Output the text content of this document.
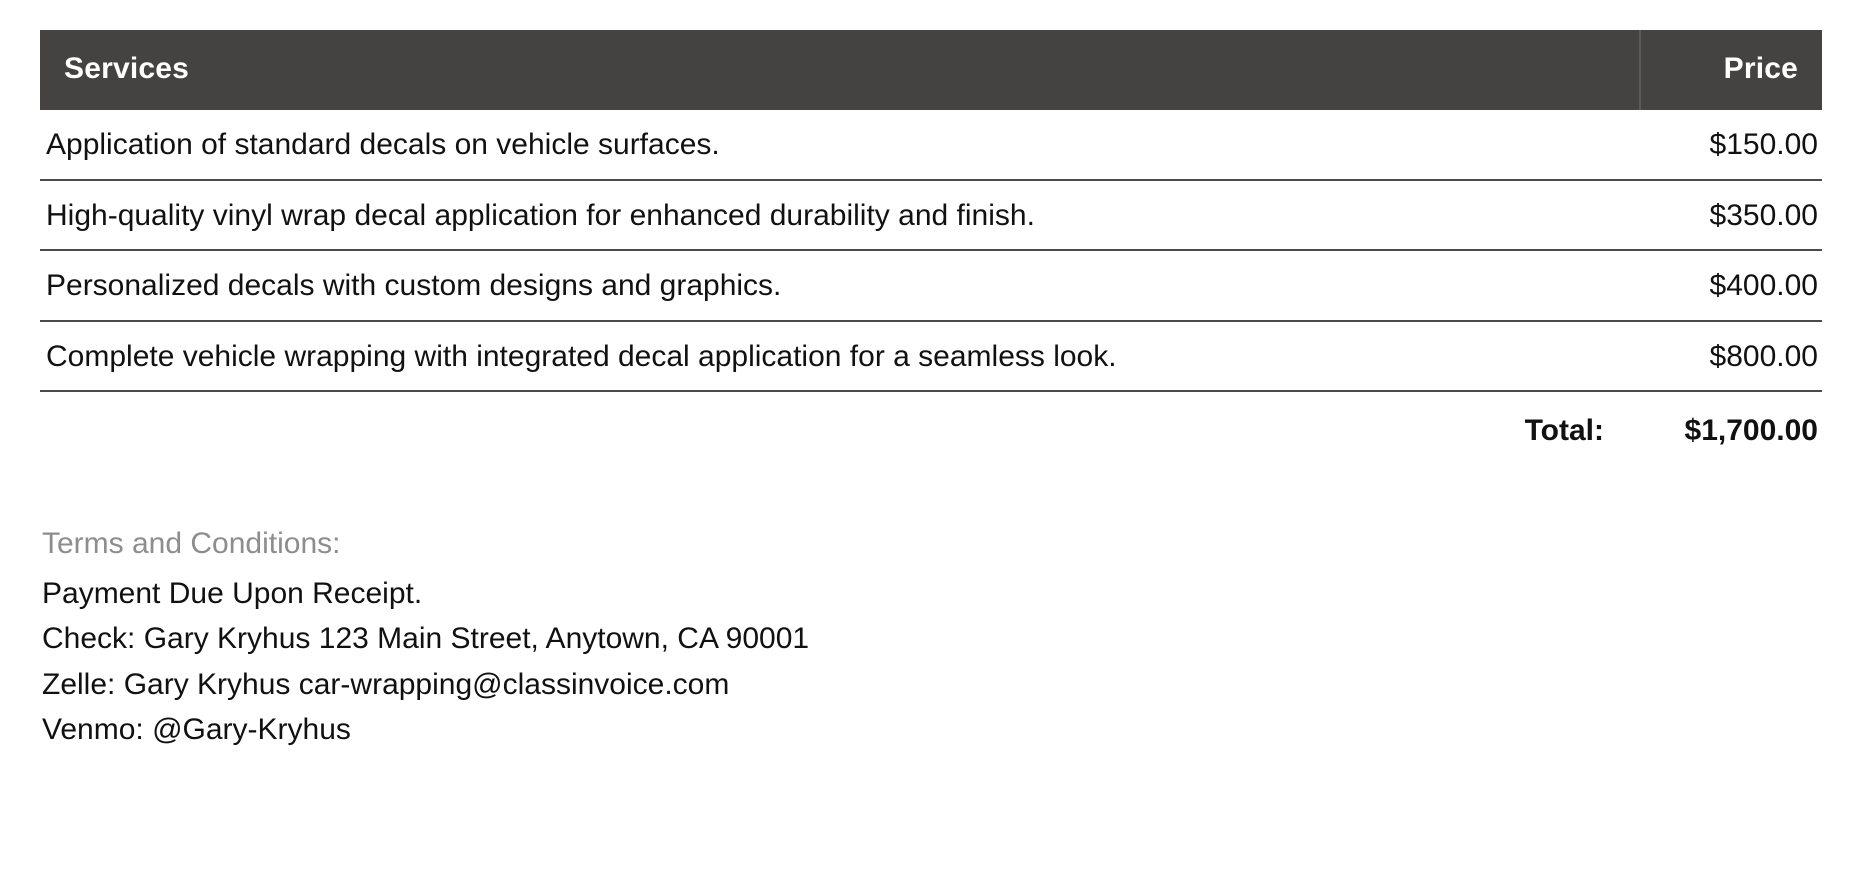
Services	Price
Application of standard decals on vehicle surfaces.	$150.00
High-quality vinyl wrap decal application for enhanced durability and finish.	$350.00
Personalized decals with custom designs and graphics.	$400.00
Complete vehicle wrapping with integrated decal application for a seamless look.	$800.00
Total:	$1,700.00
Terms and Conditions:
Payment Due Upon Receipt.
Check: Gary Kryhus 123 Main Street, Anytown, CA 90001
Zelle: Gary Kryhus car-wrapping@classinvoice.com
Venmo: @Gary-Kryhus
